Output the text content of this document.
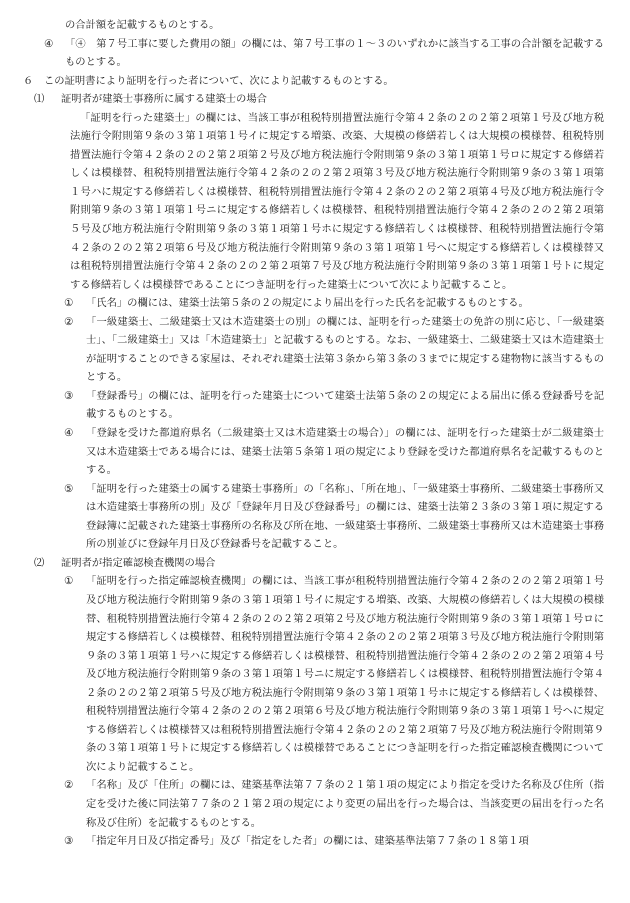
の合計額を記載するものとする。

④	「④　第７号工事に要した費用の額」の欄には、第７号工事の１～３のいずれかに該当する工事の合計額を記載するものとする。

６	この証明書により証明を行った者について、次により記載するものとする。

⑴	証明者が建築士事務所に属する建築士の場合

「証明を行った建築士」の欄には、当該工事が租税特別措置法施行令第４２条の２の２第２項第１号及び地方税法施行令附則第９条の３第１項第１号イに規定する増築、改築、大規模の修繕若しくは大規模の模様替、租税特別措置法施行令第４２条の２の２第２項第２号及び地方税法施行令附則第９条の３第１項第１号ロに規定する修繕若しくは模様替、租税特別措置法施行令第４２条の２の２第２項第３号及び地方税法施行令附則第９条の３第１項第１号ハに規定する修繕若しくは模様替、租税特別措置法施行令第４２条の２の２第２項第４号及び地方税法施行令附則第９条の３第１項第１号ニに規定する修繕若しくは模様替、租税特別措置法施行令第４２条の２の２第２項第５号及び地方税法施行令附則第９条の３第１項第１号ホに規定する修繕若しくは模様替、租税特別措置法施行令第４２条の２の２第２項第６号及び地方税法施行令附則第９条の３第１項第１号ヘに規定する修繕若しくは模様替又は租税特別措置法施行令第４２条の２の２第２項第７号及び地方税法施行令附則第９条の３第１項第１号トに規定する修繕若しくは模様替であることにつき証明を行った建築士について次により記載すること。

①	「氏名」の欄には、建築士法第５条の２の規定により届出を行った氏名を記載するものとする。

②	「一級建築士、二級建築士又は木造建築士の別」の欄には、証明を行った建築士の免許の別に応じ、「一級建築士」、「二級建築士」又は「木造建築士」と記載するものとする。なお、一級建築士、二級建築士又は木造建築士が証明することのできる家屋は、それぞれ建築士法第３条から第３条の３までに規定する建物物に該当するものとする。

③	「登録番号」の欄には、証明を行った建築士について建築士法第５条の２の規定による届出に係る登録番号を記載するものとする。

④	「登録を受けた都道府県名（二級建築士又は木造建築士の場合）」の欄には、証明を行った建築士が二級建築士又は木造建築士である場合には、建築士法第５条第１項の規定により登録を受けた都道府県名を記載するものとする。

⑤	「証明を行った建築士の属する建築士事務所」の「名称」、「所在地」、「一級建築士事務所、二級建築士事務所又は木造建築士事務所の別」及び「登録年月日及び登録番号」の欄には、建築士法第２３条の３第１項に規定する登録簿に記載された建築士事務所の名称及び所在地、一級建築士事務所、二級建築士事務所又は木造建築士事務所の別並びに登録年月日及び登録番号を記載すること。

⑵	証明者が指定確認検査機関の場合

①	「証明を行った指定確認検査機関」の欄には、当該工事が租税特別措置法施行令第４２条の２の２第２項第１号及び地方税法施行令附則第９条の３第１項第１号イに規定する増築、改築、大規模の修繕若しくは大規模の模様替、租税特別措置法施行令第４２条の２の２第２項第２号及び地方税法施行令附則第９条の３第１項第１号ロに規定する修繕若しくは模様替、租税特別措置法施行令第４２条の２の２第２項第３号及び地方税法施行令附則第９条の３第１項第１号ハに規定する修繕若しくは模様替、租税特別措置法施行令第４２条の２の２第２項第４号及び地方税法施行令附則第９条の３第１項第１号ニに規定する修繕若しくは模様替、租税特別措置法施行令第４２条の２の２第２項第５号及び地方税法施行令附則第９条の３第１項第１号ホに規定する修繕若しくは模様替、租税特別措置法施行令第４２条の２の２第２項第６号及び地方税法施行令附則第９条の３第１項第１号ヘに規定する修繕若しくは模様替又は租税特別措置法施行令第４２条の２の２第２項第７号及び地方税法施行令附則第９条の３第１項第１号トに規定する修繕若しくは模様替であることにつき証明を行った指定確認検査機関について次により記載すること。

②	「名称」及び「住所」の欄には、建築基準法第７７条の２１第１項の規定により指定を受けた名称及び住所（指定を受けた後に同法第７７条の２１第２項の規定により変更の届出を行った場合は、当該変更の届出を行った名称及び住所）を記載するものとする。

③	「指定年月日及び指定番号」及び「指定をした者」の欄には、建築基準法第７７条の１８第１項
